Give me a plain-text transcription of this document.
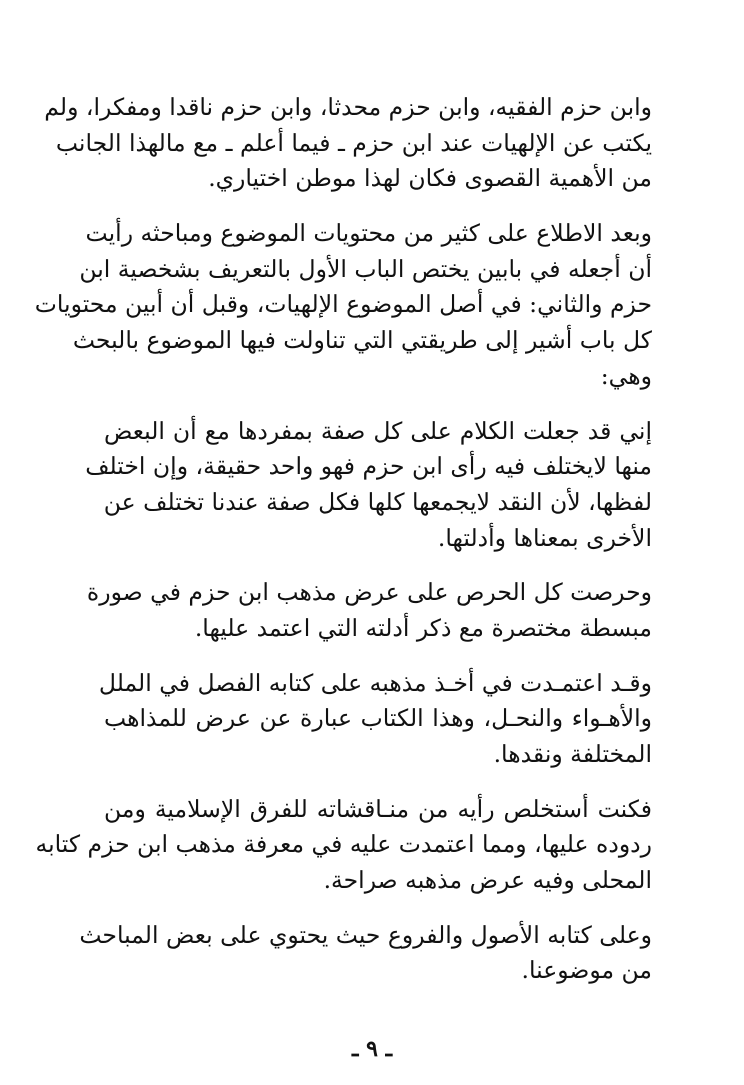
وابن حزم الفقيه، وابن حزم محدثا، وابن حزم ناقدا ومفكرا، ولم
يكتب عن الإلهيات عند ابن حزم ـ فيما أعلم ـ مع مالهذا الجانب
من الأهمية القصوى فكان لهذا موطن اختياري.

وبعد الاطلاع على كثير من محتويات الموضوع ومباحثه رأيت
أن أجعله في بابين يختص الباب الأول بالتعريف بشخصية ابن
حزم والثاني: في أصل الموضوع الإلهيات، وقبل أن أبين محتويات
كل باب أشير إلى طريقتي التي تناولت فيها الموضوع بالبحث
وهي:

إني قد جعلت الكلام على كل صفة بمفردها مع أن البعض
منها لايختلف فيه رأى ابن حزم فهو واحد حقيقة، وإن اختلف
لفظها، لأن النقد لايجمعها كلها فكل صفة عندنا تختلف عن
الأخرى بمعناها وأدلتها.

وحرصت كل الحرص على عرض مذهب ابن حزم في صورة
مبسطة مختصرة مع ذكر أدلته التي اعتمد عليها.

وقـد اعتمـدت في أخـذ مذهبه على كتابه الفصل في الملل
والأهـواء والنحـل، وهذا الكتاب عبارة عن عرض للمذاهب
المختلفة ونقدها.

فكنت أستخلص رأيه من منـاقشاته للفرق الإسلامية ومن
ردوده عليها، ومما اعتمدت عليه في معرفة مذهب ابن حزم كتابه
المحلى وفيه عرض مذهبه صراحة.

وعلى كتابه الأصول والفروع حيث يحتوي على بعض المباحث
من موضوعنا.

ـ ٩ ـ
